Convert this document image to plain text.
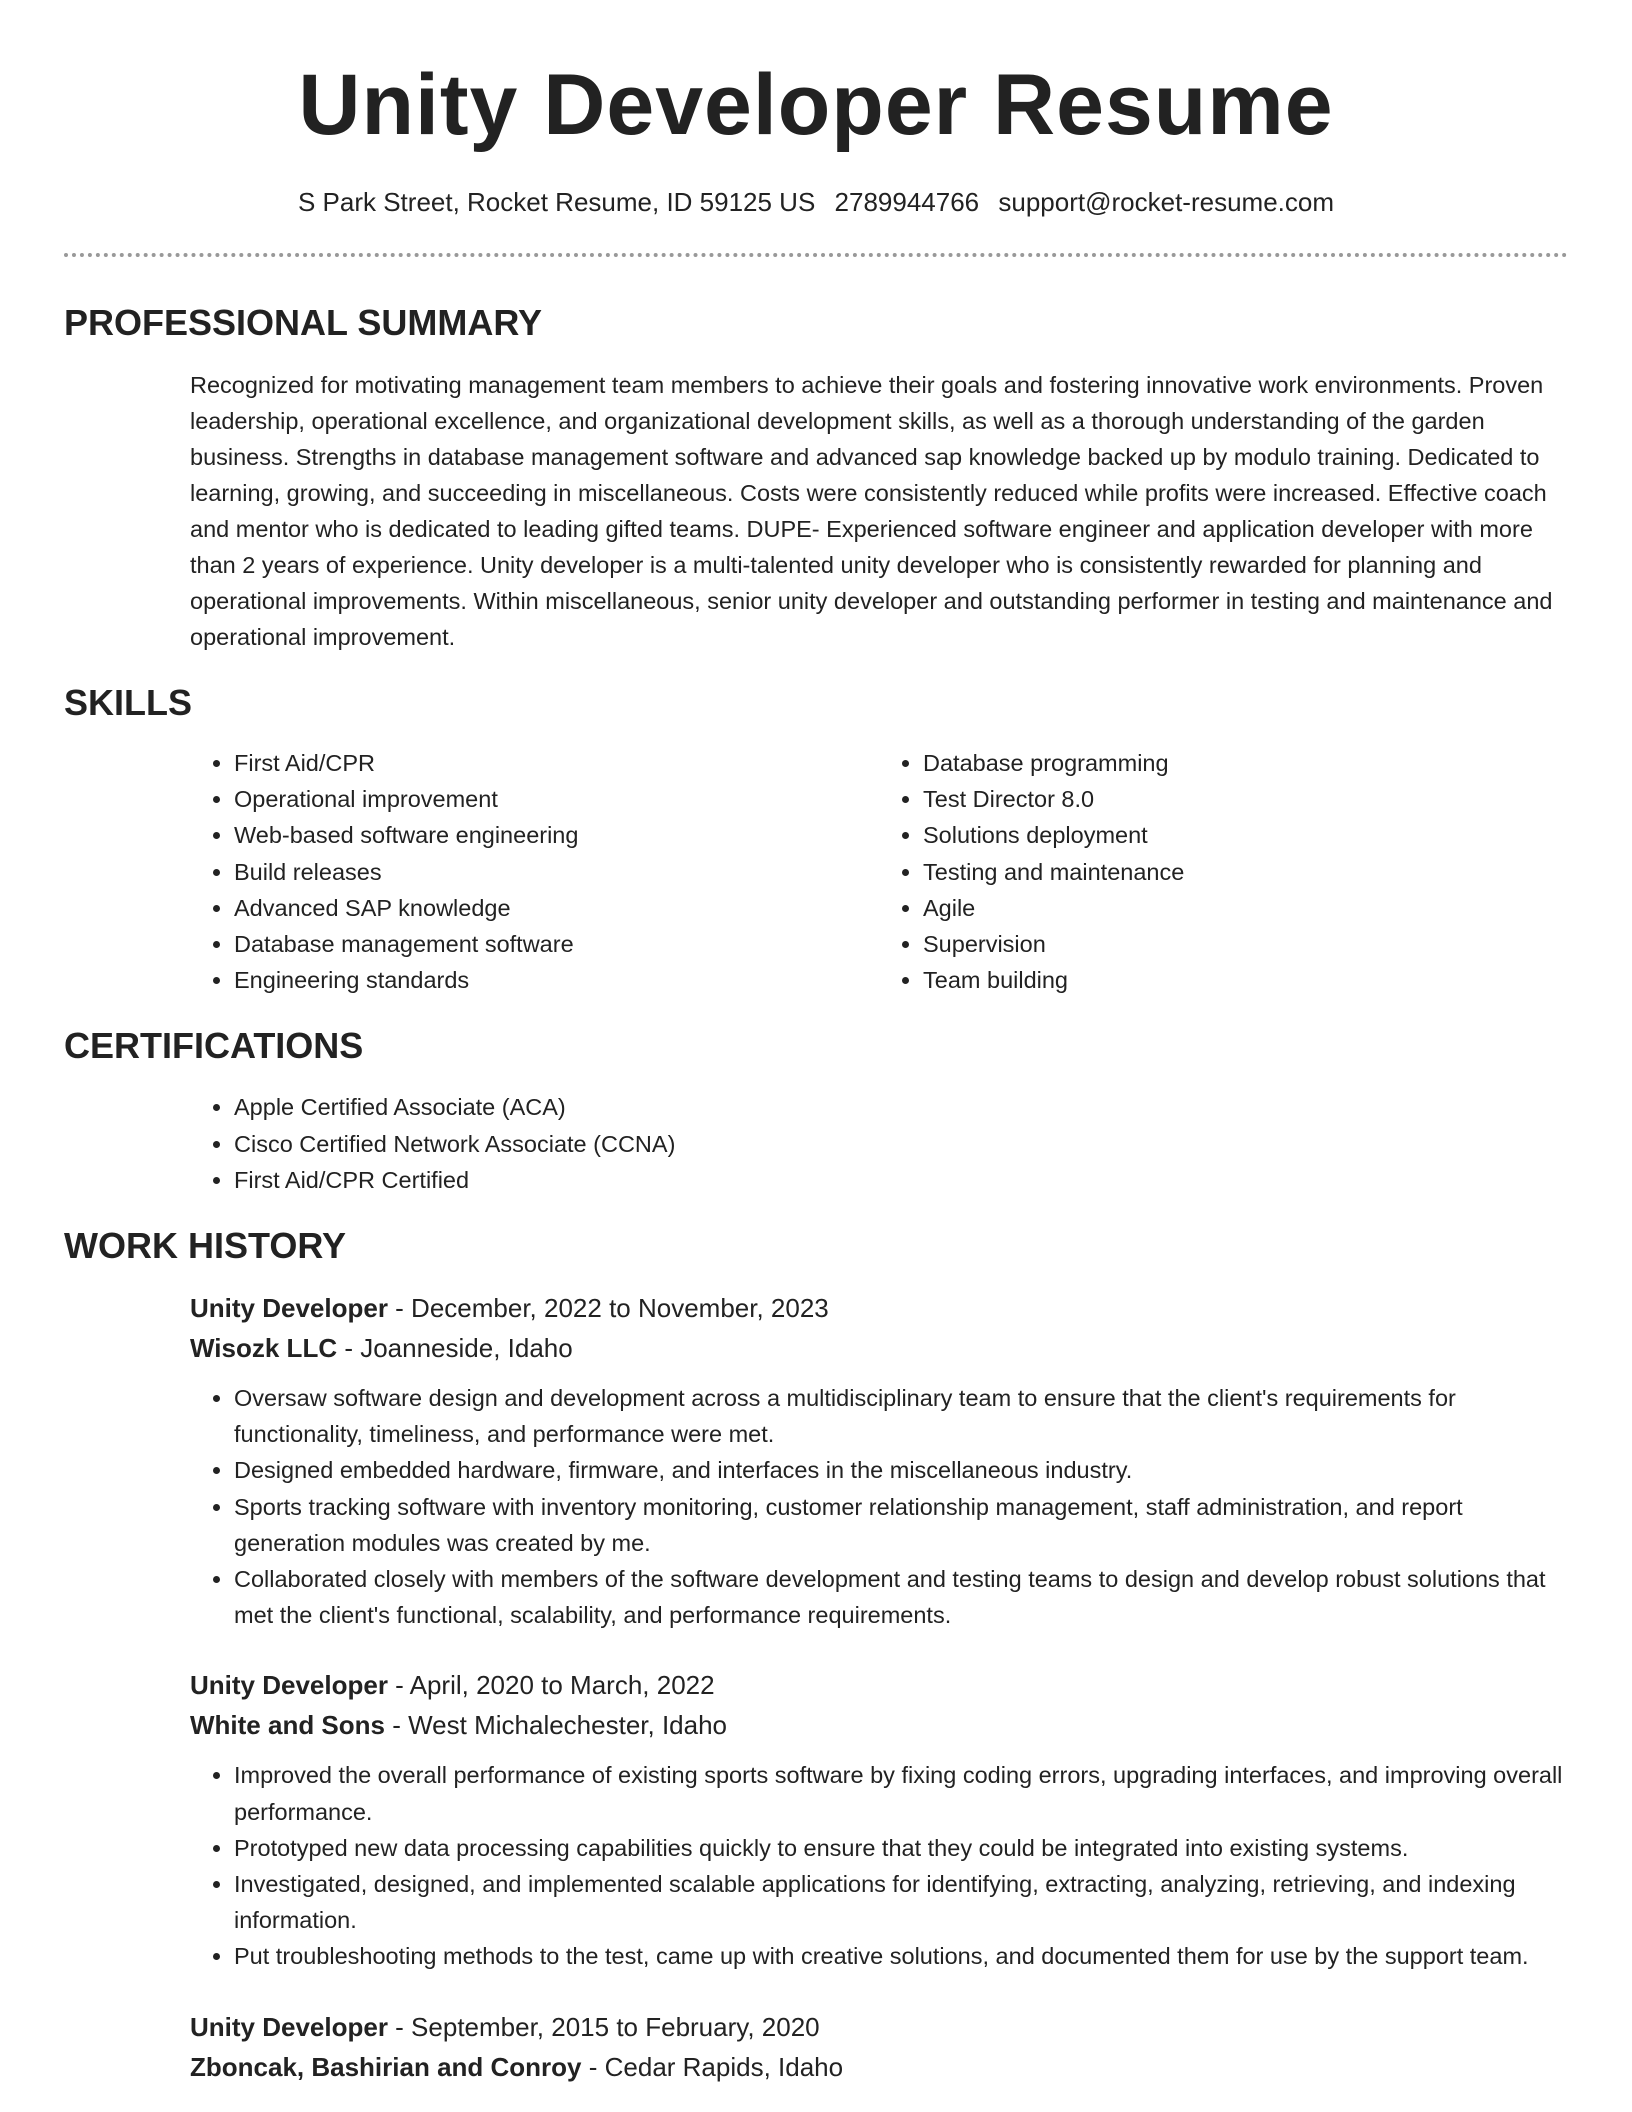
Unity Developer Resume
S Park Street, Rocket Resume, ID 59125 US 2789944766 support@rocket-resume.com
PROFESSIONAL SUMMARY
Recognized for motivating management team members to achieve their goals and fostering innovative work environments. Proven leadership, operational excellence, and organizational development skills, as well as a thorough understanding of the garden business. Strengths in database management software and advanced sap knowledge backed up by modulo training. Dedicated to learning, growing, and succeeding in miscellaneous. Costs were consistently reduced while profits were increased. Effective coach and mentor who is dedicated to leading gifted teams. DUPE- Experienced software engineer and application developer with more than 2 years of experience. Unity developer is a multi-talented unity developer who is consistently rewarded for planning and operational improvements. Within miscellaneous, senior unity developer and outstanding performer in testing and maintenance and operational improvement.
SKILLS
• First Aid/CPR
• Operational improvement
• Web-based software engineering
• Build releases
• Advanced SAP knowledge
• Database management software
• Engineering standards
• Database programming
• Test Director 8.0
• Solutions deployment
• Testing and maintenance
• Agile
• Supervision
• Team building
CERTIFICATIONS
• Apple Certified Associate (ACA)
• Cisco Certified Network Associate (CCNA)
• First Aid/CPR Certified
WORK HISTORY
Unity Developer - December, 2022 to November, 2023
Wisozk LLC - Joanneside, Idaho
• Oversaw software design and development across a multidisciplinary team to ensure that the client's requirements for functionality, timeliness, and performance were met.
• Designed embedded hardware, firmware, and interfaces in the miscellaneous industry.
• Sports tracking software with inventory monitoring, customer relationship management, staff administration, and report generation modules was created by me.
• Collaborated closely with members of the software development and testing teams to design and develop robust solutions that met the client's functional, scalability, and performance requirements.
Unity Developer - April, 2020 to March, 2022
White and Sons - West Michalechester, Idaho
• Improved the overall performance of existing sports software by fixing coding errors, upgrading interfaces, and improving overall performance.
• Prototyped new data processing capabilities quickly to ensure that they could be integrated into existing systems.
• Investigated, designed, and implemented scalable applications for identifying, extracting, analyzing, retrieving, and indexing information.
• Put troubleshooting methods to the test, came up with creative solutions, and documented them for use by the support team.
Unity Developer - September, 2015 to February, 2020
Zboncak, Bashirian and Conroy - Cedar Rapids, Idaho
